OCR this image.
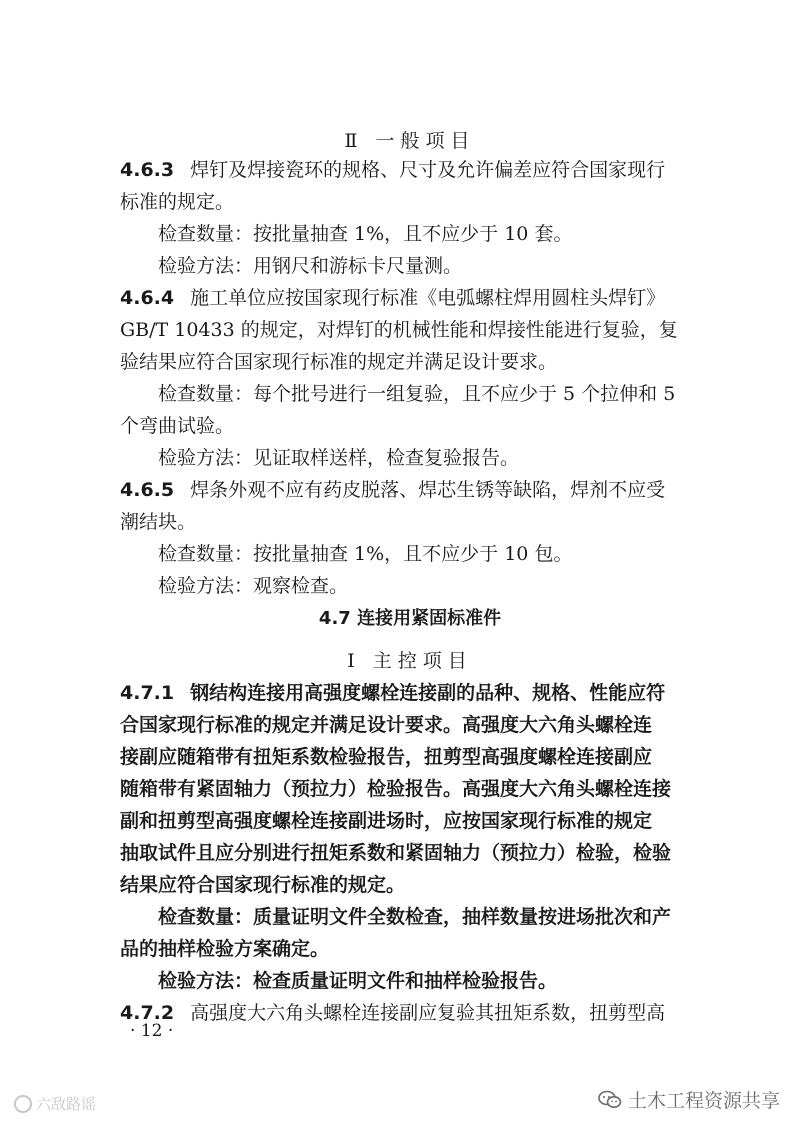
Ⅱ 一般项目
4.6.3 焊钉及焊接瓷环的规格、尺寸及允许偏差应符合国家现行
标准的规定。
检查数量：按批量抽查 1%，且不应少于 10 套。
检验方法：用钢尺和游标卡尺量测。
4.6.4 施工单位应按国家现行标准《电弧螺柱焊用圆柱头焊钉》
GB/T 10433 的规定，对焊钉的机械性能和焊接性能进行复验，复
验结果应符合国家现行标准的规定并满足设计要求。
检查数量：每个批号进行一组复验，且不应少于 5 个拉伸和 5
个弯曲试验。
检验方法：见证取样送样，检查复验报告。
4.6.5 焊条外观不应有药皮脱落、焊芯生锈等缺陷，焊剂不应受
潮结块。
检查数量：按批量抽查 1%，且不应少于 10 包。
检验方法：观察检查。
4.7 连接用紧固标准件
Ⅰ 主控项目
4.7.1 钢结构连接用高强度螺栓连接副的品种、规格、性能应符
合国家现行标准的规定并满足设计要求。高强度大六角头螺栓连
接副应随箱带有扭矩系数检验报告，扭剪型高强度螺栓连接副应
随箱带有紧固轴力（预拉力）检验报告。高强度大六角头螺栓连接
副和扭剪型高强度螺栓连接副进场时，应按国家现行标准的规定
抽取试件且应分别进行扭矩系数和紧固轴力（预拉力）检验，检验
结果应符合国家现行标准的规定。
检查数量：质量证明文件全数检查，抽样数量按进场批次和产
品的抽样检验方案确定。
检验方法：检查质量证明文件和抽样检验报告。
4.7.2 高强度大六角头螺栓连接副应复验其扭矩系数，扭剪型高
· 12 ·
六敌路谣	土木工程资源共享
